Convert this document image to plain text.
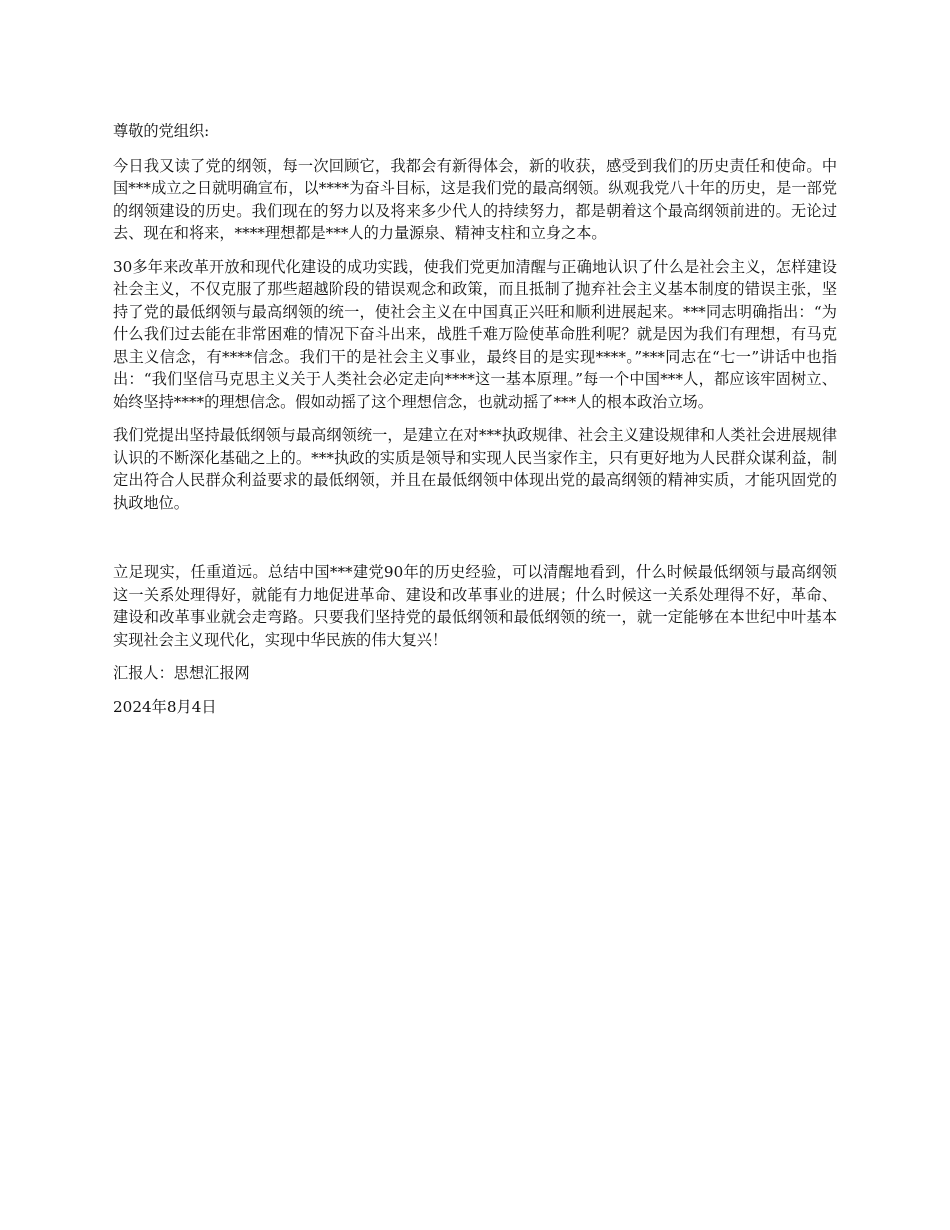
尊敬的党组织:

今日我又读了党的纲领，每一次回顾它，我都会有新得体会，新的收获，感受到我们的历史责任和使命。中国***成立之日就明确宣布，以****为奋斗目标，这是我们党的最高纲领。纵观我党八十年的历史，是一部党的纲领建设的历史。我们现在的努力以及将来多少代人的持续努力，都是朝着这个最高纲领前进的。无论过去、现在和将来，****理想都是***人的力量源泉、精神支柱和立身之本。

30多年来改革开放和现代化建设的成功实践，使我们党更加清醒与正确地认识了什么是社会主义，怎样建设社会主义，不仅克服了那些超越阶段的错误观念和政策，而且抵制了抛弃社会主义基本制度的错误主张，坚持了党的最低纲领与最高纲领的统一，使社会主义在中国真正兴旺和顺利进展起来。***同志明确指出：“为什么我们过去能在非常困难的情况下奋斗出来，战胜千难万险使革命胜利呢？就是因为我们有理想，有马克思主义信念，有****信念。我们干的是社会主义事业，最终目的是实现****。”***同志在“七一”讲话中也指出：“我们坚信马克思主义关于人类社会必定走向****这一基本原理。”每一个中国***人，都应该牢固树立、始终坚持****的理想信念。假如动摇了这个理想信念，也就动摇了***人的根本政治立场。

我们党提出坚持最低纲领与最高纲领统一，是建立在对***执政规律、社会主义建设规律和人类社会进展规律认识的不断深化基础之上的。***执政的实质是领导和实现人民当家作主，只有更好地为人民群众谋利益，制定出符合人民群众利益要求的最低纲领，并且在最低纲领中体现出党的最高纲领的精神实质，才能巩固党的执政地位。

立足现实，任重道远。总结中国***建党90年的历史经验，可以清醒地看到，什么时候最低纲领与最高纲领这一关系处理得好，就能有力地促进革命、建设和改革事业的进展；什么时候这一关系处理得不好，革命、建设和改革事业就会走弯路。只要我们坚持党的最低纲领和最低纲领的统一，就一定能够在本世纪中叶基本实现社会主义现代化，实现中华民族的伟大复兴！

汇报人：思想汇报网

2024年8月4日
